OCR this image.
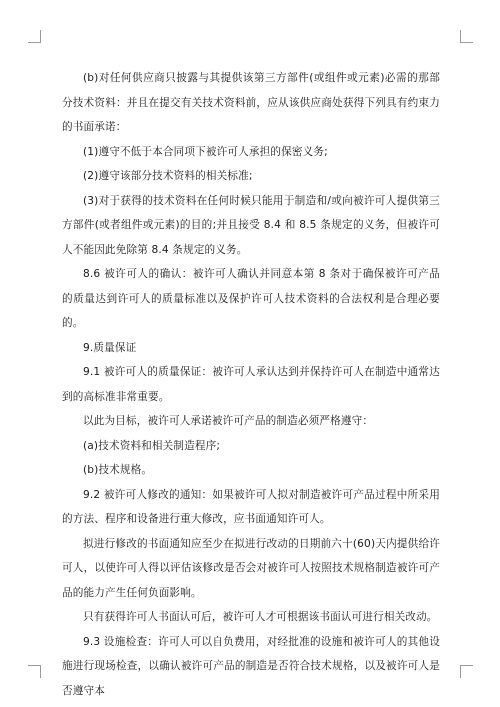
(b)对任何供应商只披露与其提供该第三方部件(或组件或元素)必需的那部分技术资料：并且在提交有关技术资料前，应从该供应商处获得下列具有约束力的书面承诺：

(1)遵守不低于本合同项下被许可人承担的保密义务;

(2)遵守该部分技术资料的相关标准;

(3)对于获得的技术资料在任何时候只能用于制造和/或向被许可人提供第三方部件(或者组件或元素)的目的;并且接受 8.4 和 8.5 条规定的义务，但被许可人不能因此免除第 8.4 条规定的义务。

8.6 被许可人的确认：被许可人确认并同意本第 8 条对于确保被许可产品的质量达到许可人的质量标准以及保护许可人技术资料的合法权利是合理必要的。

9.质量保证

9.1 被许可人的质量保证：被许可人承认达到并保持许可人在制造中通常达到的高标准非常重要。

以此为目标，被许可人承诺被许可产品的制造必须严格遵守：

(a)技术资料和相关制造程序;

(b)技术规格。

9.2 被许可人修改的通知：如果被许可人拟对制造被许可产品过程中所采用的方法、程序和设备进行重大修改，应书面通知许可人。

拟进行修改的书面通知应至少在拟进行改动的日期前六十(60)天内提供给许可人，以使许可人得以评估该修改是否会对被许可人按照技术规格制造被许可产品的能力产生任何负面影响。

只有获得许可人书面认可后，被许可人才可根据该书面认可进行相关改动。

9.3 设施检查：许可人可以自负费用，对经批准的设施和被许可人的其他设施进行现场检查，以确认被许可产品的制造是否符合技术规格，以及被许可人是否遵守本
